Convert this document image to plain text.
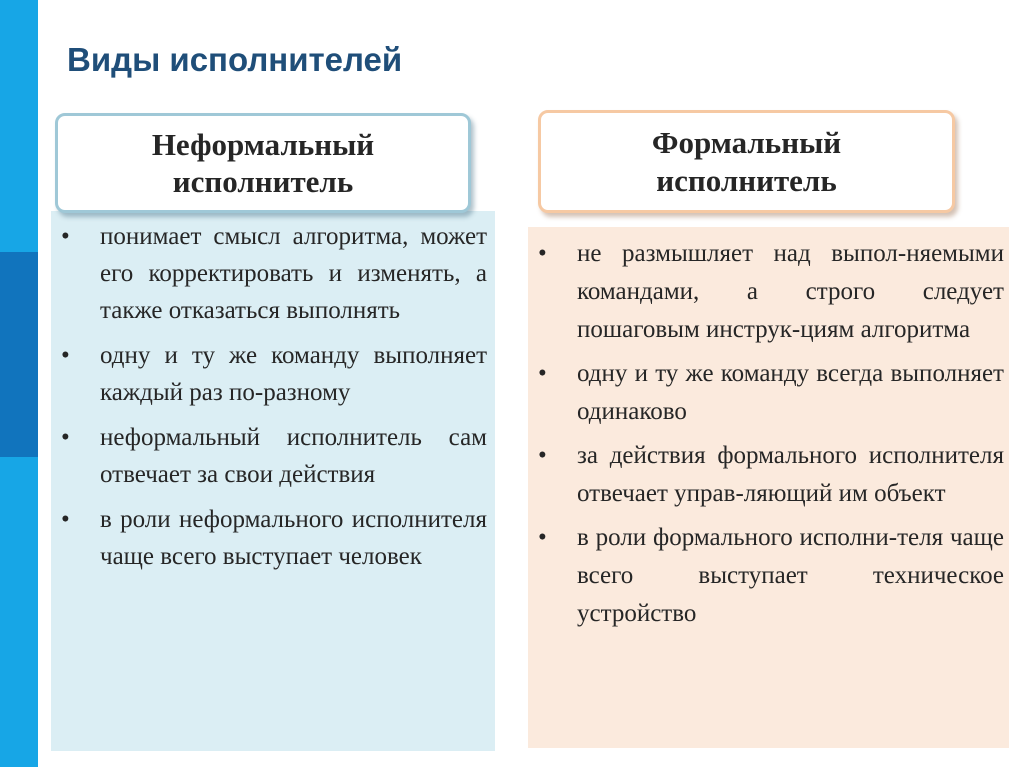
Виды исполнителей
Неформальный
исполнитель
Формальный
исполнитель
• понимает смысл алгоритма, может его корректировать и изменять, а также отказаться выполнять
• одну и ту же команду выполняет каждый раз по-разному
• неформальный исполнитель сам отвечает за свои действия
• в роли неформального исполнителя чаще всего выступает человек
• не размышляет над выпол-няемыми командами, а строго следует пошаговым инструк-циям алгоритма
• одну и ту же команду всегда выполняет одинаково
• за действия формального исполнителя отвечает управ-ляющий им объект
• в роли формального исполни-теля чаще всего выступает техническое устройство
